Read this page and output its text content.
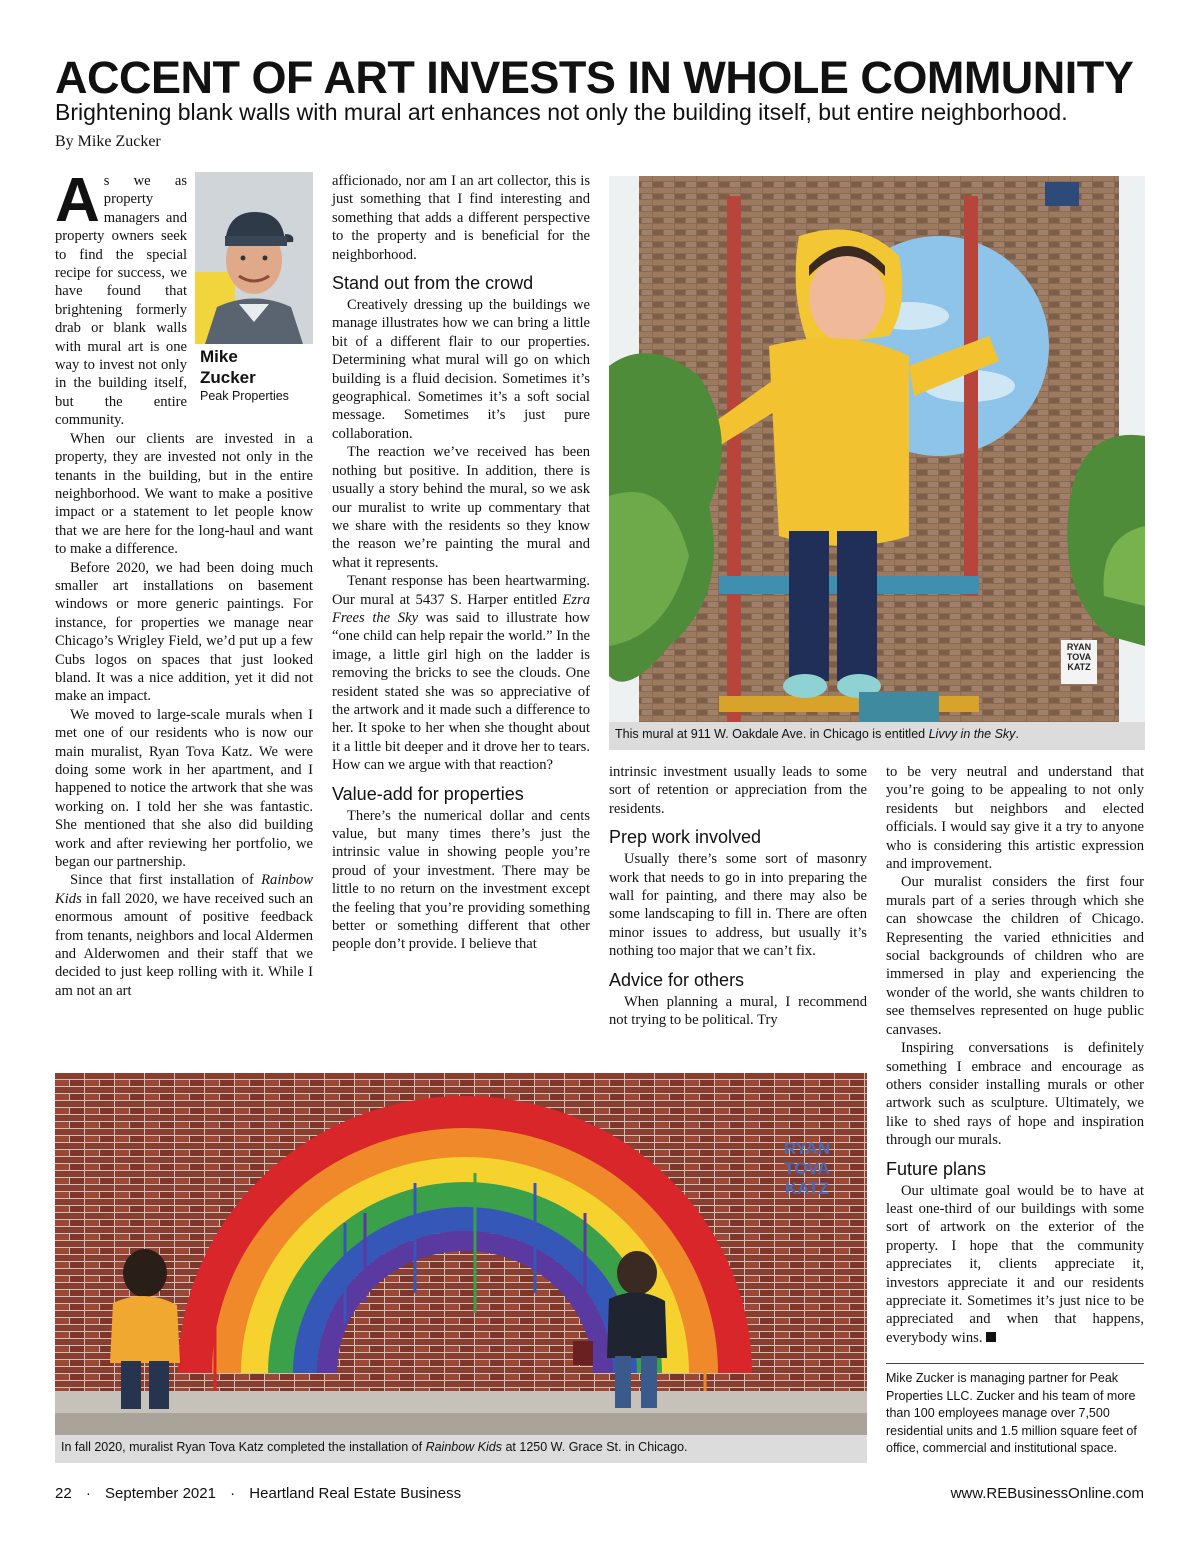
ACCENT OF ART INVESTS IN WHOLE COMMUNITY
Brightening blank walls with mural art enhances not only the building itself, but entire neighborhood.
By Mike Zucker
Mike
Zucker
Peak Properties

As we as property managers and property owners seek to find the special recipe for success, we have found that brightening formerly drab or blank walls with mural art is one way to invest not only in the building itself, but the entire community.

When our clients are invested in a property, they are invested not only in the tenants in the building, but in the entire neighborhood. We want to make a positive impact or a statement to let people know that we are here for the long-haul and want to make a difference.

Before 2020, we had been doing much smaller art installations on basement windows or more generic paintings. For instance, for properties we manage near Chicago’s Wrigley Field, we’d put up a few Cubs logos on spaces that just looked bland. It was a nice addition, yet it did not make an impact.

We moved to large-scale murals when I met one of our residents who is now our main muralist, Ryan Tova Katz. We were doing some work in her apartment, and I happened to notice the artwork that she was working on. I told her she was fantastic. She mentioned that she also did building work and after reviewing her portfolio, we began our partnership.

Since that first installation of Rainbow Kids in fall 2020, we have received such an enormous amount of positive feedback from tenants, neighbors and local Aldermen and Alderwomen and their staff that we decided to just keep rolling with it. While I am not an art

afficionado, nor am I an art collector, this is just something that I find interesting and something that adds a different perspective to the property and is beneficial for the neighborhood.

Stand out from the crowd

Creatively dressing up the buildings we manage illustrates how we can bring a little bit of a different flair to our properties. Determining what mural will go on which building is a fluid decision. Sometimes it’s geographical. Sometimes it’s a soft social message. Sometimes it’s just pure collaboration.

The reaction we’ve received has been nothing but positive. In addition, there is usually a story behind the mural, so we ask our muralist to write up commentary that we share with the residents so they know the reason we’re painting the mural and what it represents.

Tenant response has been heartwarming. Our mural at 5437 S. Harper entitled Ezra Frees the Sky was said to illustrate how “one child can help repair the world.” In the image, a little girl high on the ladder is removing the bricks to see the clouds. One resident stated she was so appreciative of the artwork and it made such a difference to her. It spoke to her when she thought about it a little bit deeper and it drove her to tears. How can we argue with that reaction?

Value-add for properties

There’s the numerical dollar and cents value, but many times there’s just the intrinsic value in showing people you’re proud of your investment. There may be little to no return on the investment except the feeling that you’re providing something better or something different that other people don’t provide. I believe that

RYAN
TOVA
KATZ
This mural at 911 W. Oakdale Ave. in Chicago is entitled Livvy in the Sky.

intrinsic investment usually leads to some sort of retention or appreciation from the residents.

Prep work involved

Usually there’s some sort of masonry work that needs to go in into preparing the wall for painting, and there may also be some landscaping to fill in. There are often minor issues to address, but usually it’s nothing too major that we can’t fix.

Advice for others

When planning a mural, I recommend not trying to be political. Try

to be very neutral and understand that you’re going to be appealing to not only residents but neighbors and elected officials. I would say give it a try to anyone who is considering this artistic expression and improvement.

Our muralist considers the first four murals part of a series through which she can showcase the children of Chicago. Representing the varied ethnicities and social backgrounds of children who are immersed in play and experiencing the wonder of the world, she wants children to see themselves represented on huge public canvases.

Inspiring conversations is definitely something I embrace and encourage as others consider installing murals or other artwork such as sculpture. Ultimately, we like to shed rays of hope and inspiration through our murals.

Future plans

Our ultimate goal would be to have at least one-third of our buildings with some sort of artwork on the exterior of the property. I hope that the community appreciates it, clients appreciate it, investors appreciate it and our residents appreciate it. Sometimes it’s just nice to be appreciated and when that happens, everybody wins.

Mike Zucker is managing partner for Peak Properties LLC. Zucker and his team of more than 100 employees manage over 7,500 residential units and 1.5 million square feet of office, commercial and institutional space.
RYAN
TOVA
KATZ
In fall 2020, muralist Ryan Tova Katz completed the installation of Rainbow Kids at 1250 W. Grace St. in Chicago.
22 · September 2021 · Heartland Real Estate Business	www.REBusinessOnline.com
